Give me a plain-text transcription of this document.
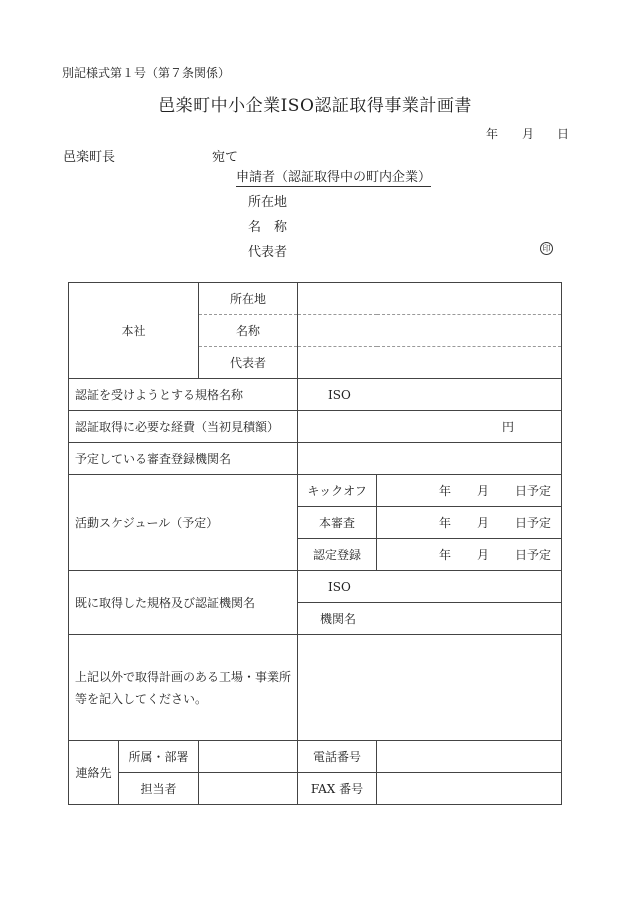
別記様式第１号（第７条関係）
邑楽町中小企業ISO認証取得事業計画書
年 月 日
邑楽町長	宛て
申請者（認証取得中の町内企業）
所在地
名　称
代表者	印
本社		所在地		
		名称		
		代表者		
認証を受けようとする規格名称			ISO	
認証取得に必要な経費（当初見積額）			円	
予定している審査登録機関名				
活動スケジュール（予定）			キックオフ	年 月 日予定

			本審査	年 月 日予定

			認定登録	年 月 日予定

既に取得した規格及び認証機関名			ISO	
			機関名	
上記以外で取得計画のある工場・事業所等を記入してください。				
連絡先	所属・部署		電話番号	
	担当者		FAX 番号	
